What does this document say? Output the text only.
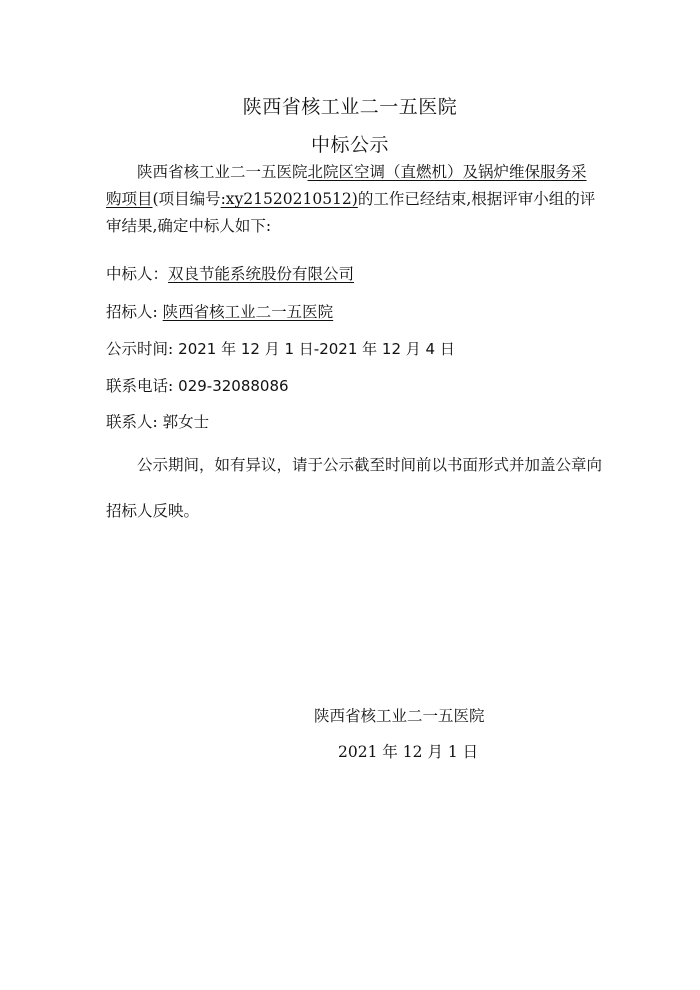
陕西省核工业二一五医院
中标公示
陕西省核工业二一五医院北院区空调（直燃机）及锅炉维保服务采购项目(项目编号:xy21520210512)的工作已经结束,根据评审小组的评审结果,确定中标人如下:
中标人：双良节能系统股份有限公司
招标人: 陕西省核工业二一五医院
公示时间: 2021 年 12 月 1 日-2021 年 12 月 4 日
联系电话: 029-32088086
联系人: 郭女士
公示期间，如有异议，请于公示截至时间前以书面形式并加盖公章向招标人反映。
陕西省核工业二一五医院
2021 年 12 月 1 日
